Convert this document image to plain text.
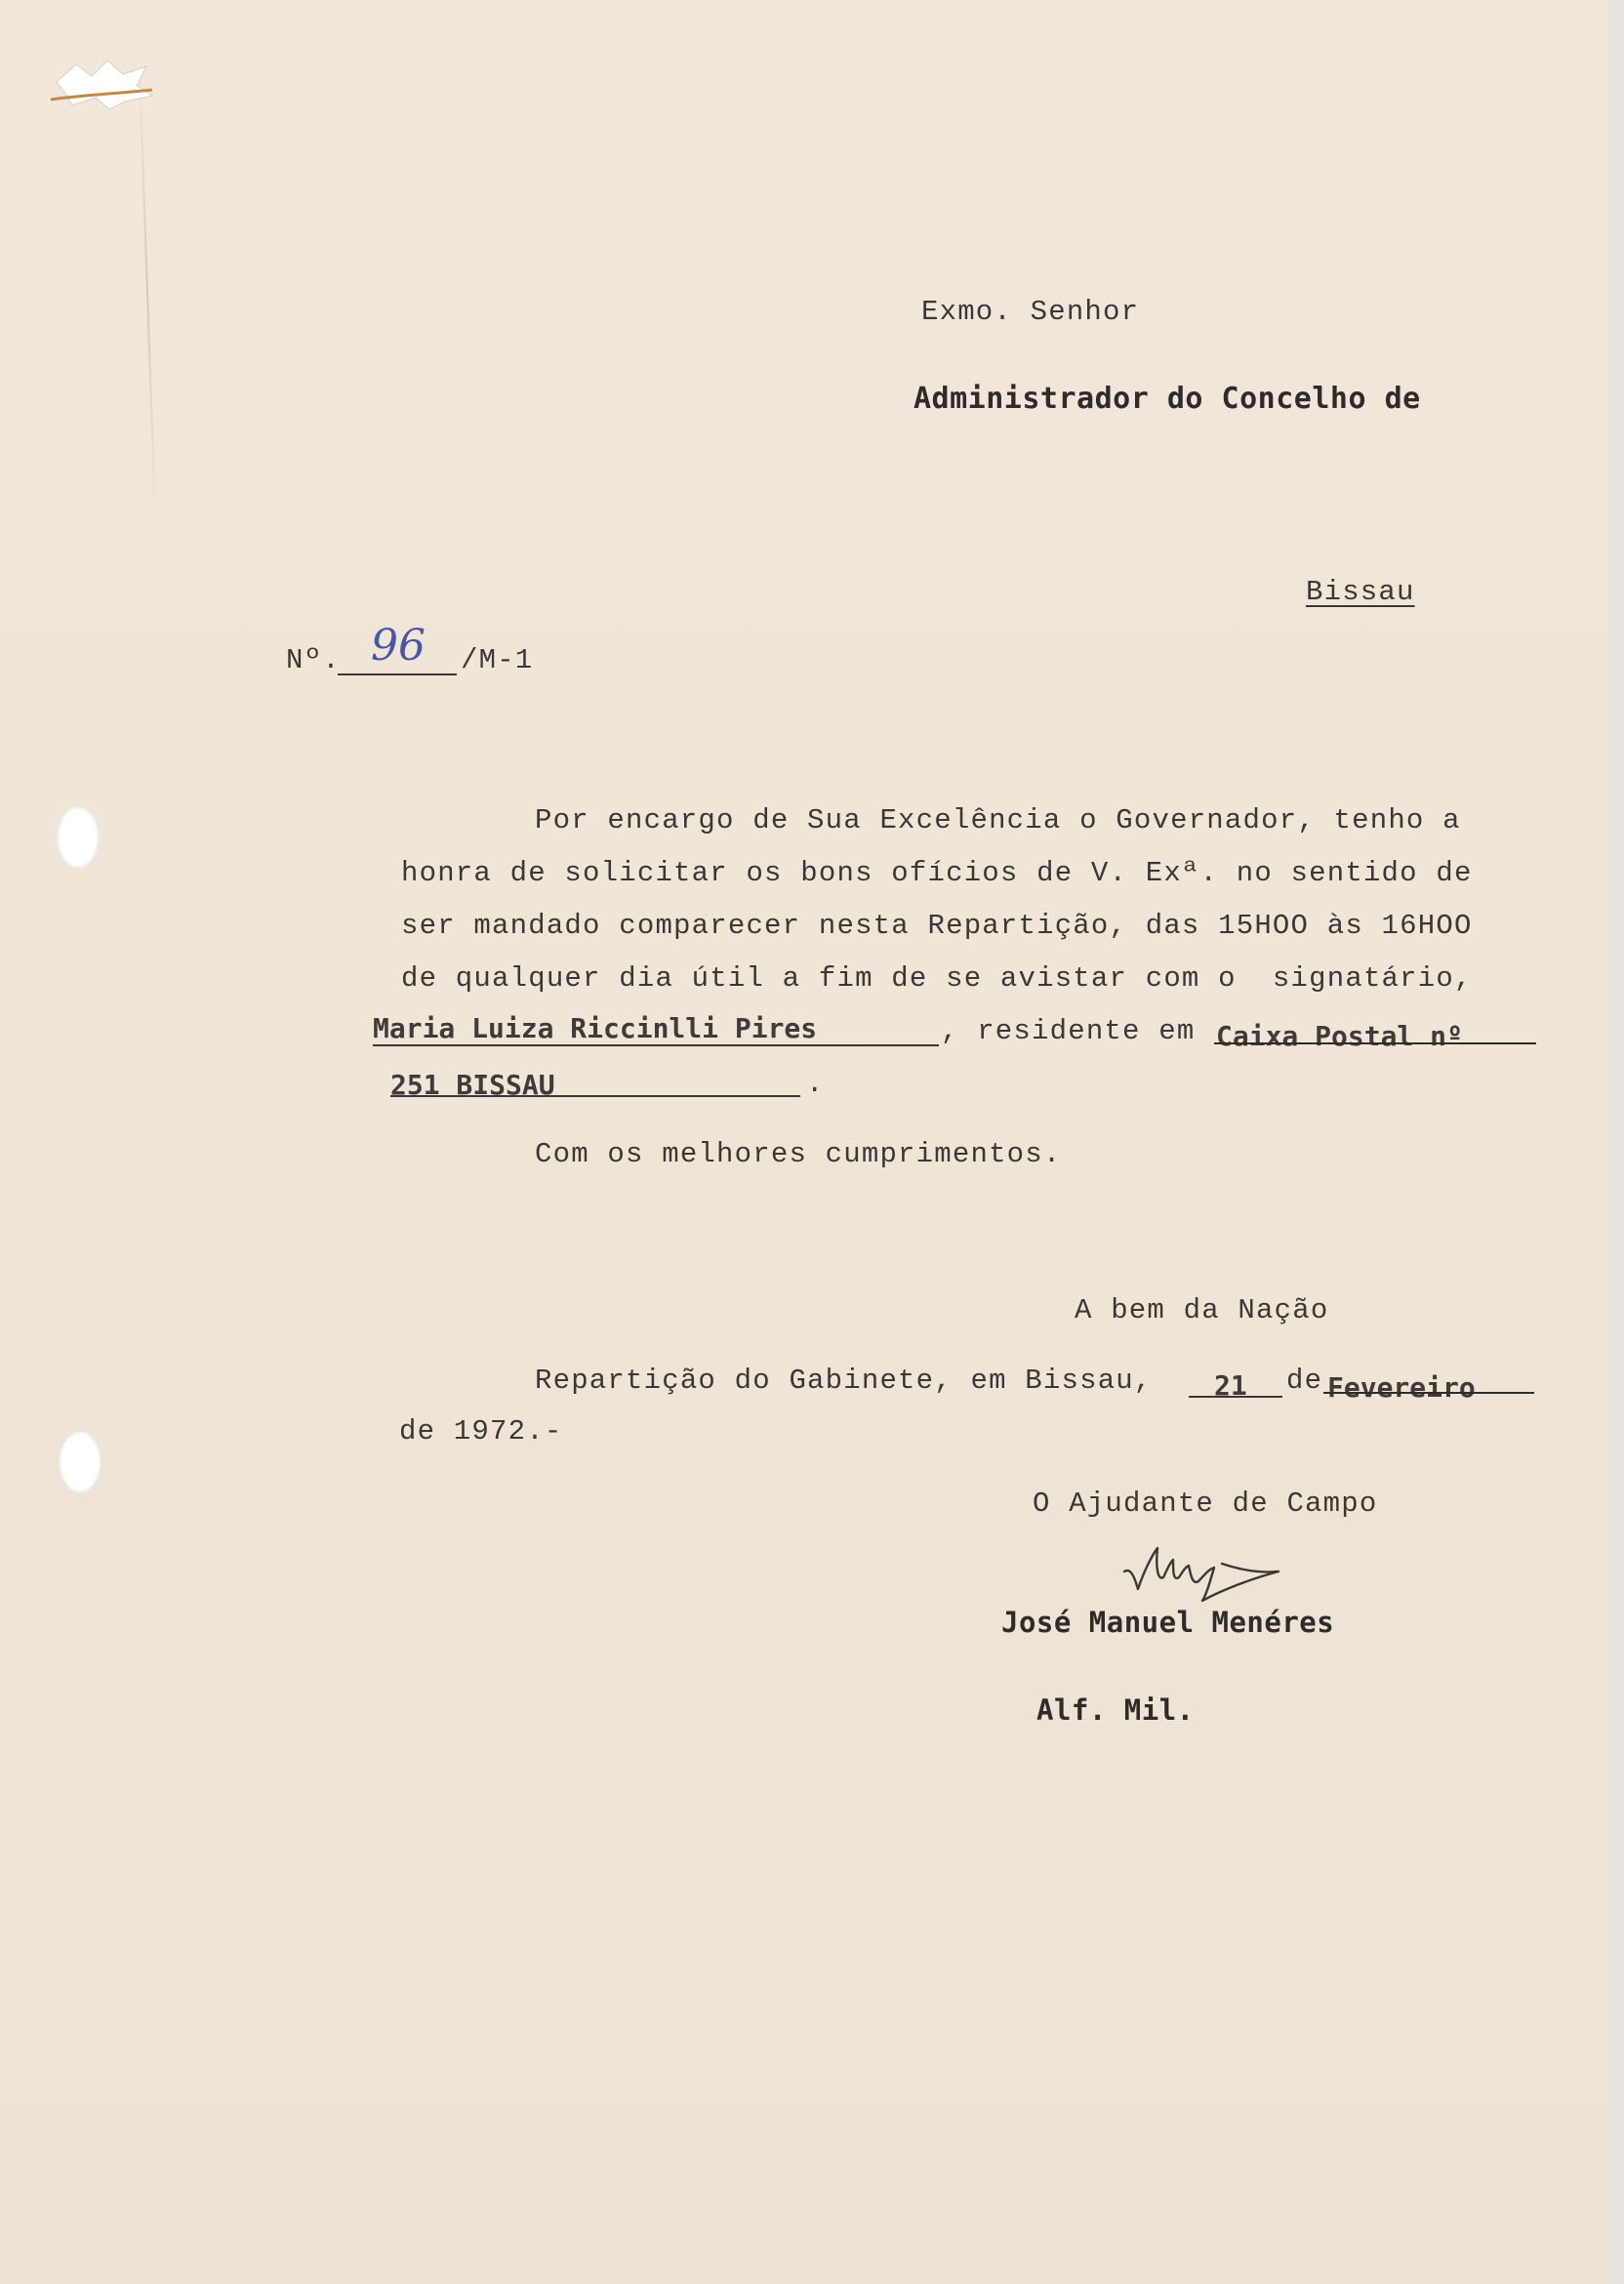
Exmo. Senhor
Administrador do Concelho de
Bissau
Nº. 96 /M-1
Por encargo de Sua Excelência o Governador, tenho a
honra de solicitar os bons ofícios de V. Exª. no sentido de
ser mandado comparecer nesta Repartição, das 15HOO às 16HOO
de qualquer dia útil a fim de se avistar com o  signatário,
Maria Luiza Riccinlli Pires	, residente em Caixa Postal nº
251 BISSAU	.
Com os melhores cumprimentos.
A bem da Nação
Repartição do Gabinete, em Bissau, 21 de Fevereiro
de 1972.-
O Ajudante de Campo
José Manuel Menéres
Alf. Mil.
